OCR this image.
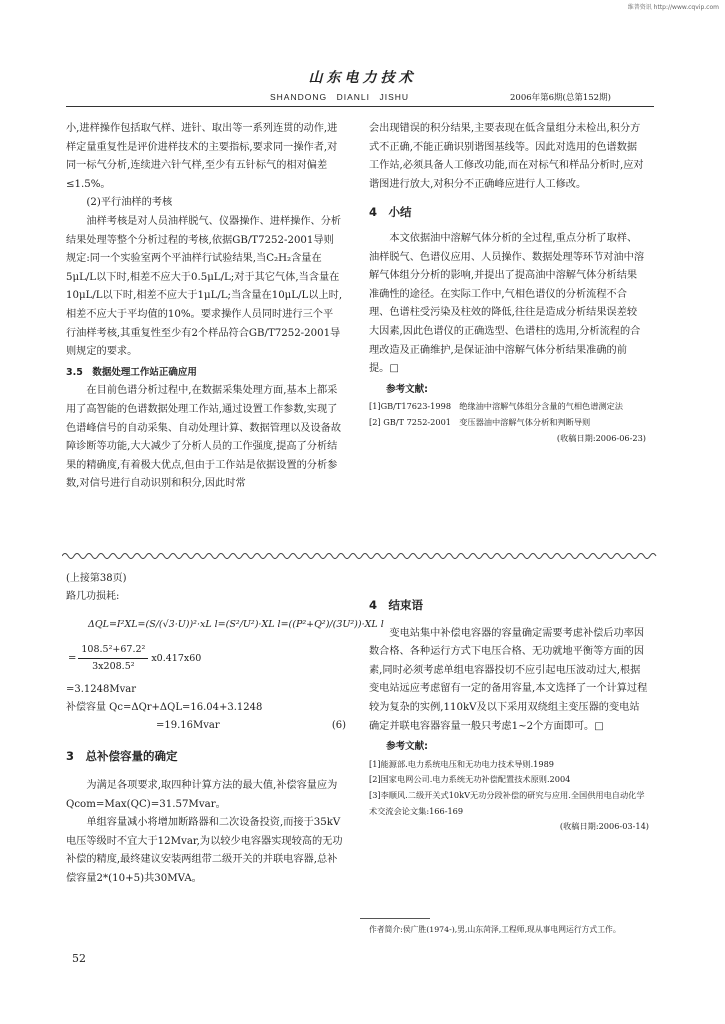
维普资讯 http://www.cqvip.com
山东电力技术
SHANDONG　DIANLI　JISHU	2006年第6期(总第152期)

小,进样操作包括取气样、进针、取出等一系列连贯的动作,进样定量重复性是评价进样技术的主要指标,要求同一操作者,对同一标气分析,连续进六针气样,至少有五针标气的相对偏差≤1.5%。

(2)平行油样的考核

油样考核是对人员油样脱气、仪器操作、进样操作、分析结果处理等整个分析过程的考核,依据GB/T7252-2001导则规定:同一个实验室两个平油样行试验结果,当C₂H₂含量在5μL/L以下时,相差不应大于0.5μL/L;对于其它气体,当含量在10μL/L以下时,相差不应大于1μL/L;当含量在10μL/L以上时,相差不应大于平均值的10%。要求操作人员同时进行三个平行油样考核,其重复性至少有2个样品符合GB/T7252-2001导则规定的要求。

3.5　数据处理工作站正确应用

在目前色谱分析过程中,在数据采集处理方面,基本上都采用了高智能的色谱数据处理工作站,通过设置工作参数,实现了色谱峰信号的自动采集、自动处理计算、数据管理以及设备故障诊断等功能,大大减少了分析人员的工作强度,提高了分析结果的精确度,有着极大优点,但由于工作站是依据设置的分析参数,对信号进行自动识别和积分,因此时常

会出现错误的积分结果,主要表现在低含量组分未检出,积分方式不正确,不能正确识别谐图基线等。因此对选用的色谱数据工作站,必须具备人工修改功能,而在对标气和样品分析时,应对谐图进行放大,对积分不正确峰应进行人工修改。

4　小结

本文依据油中溶解气体分析的全过程,重点分析了取样、油样脱气、色谱仪应用、人员操作、数据处理等环节对油中溶解气体组分分析的影响,并提出了提高油中溶解气体分析结果准确性的途径。在实际工作中,气相色谱仪的分析流程不合理、色谱柱受污染及柱效的降低,往往是造成分析结果误差较大因素,因此色谱仪的正确选型、色谱柱的选用,分析流程的合理改造及正确维护,是保证油中溶解气体分析结果准确的前提。□

参考文献:

[1]GB/T17623-1998　绝缘油中溶解气体组分含量的气相色谱测定法

[2] GB/T 7252-2001　变压器油中溶解气体分析和判断导则

(收稿日期:2006-06-23)

(上接第38页)

路几功损耗:

ΔQL=I²XL=(S/(√3·U))²·xL l=(S²/U²)·XL l=((P²+Q²)/(3U²))·XL l

= $\frac{\text{108.5²+67.2²}}{\text{3x208.5²}} x0.417x60$

=3.1248Mvar

补偿容量 Qc=ΔQr+ΔQL=16.04+3.1248

=19.16Mvar	(6)

3　总补偿容量的确定

为满足各项要求,取四种计算方法的最大值,补偿容量应为Qcom=Max(QC)=31.57Mvar。

单组容量减小将增加断路器和二次设备投资,而接于35kV电压等级时不宜大于12Mvar,为以较少电容器实现较高的无功补偿的精度,最终建议安装两组带二级开关的并联电容器,总补偿容量2*(10+5)共30MVA。

4　结束语

变电站集中补偿电容器的容量确定需要考虑补偿后功率因数合格、各种运行方式下电压合格、无功就地平衡等方面的因素,同时必须考虑单组电容器投切不应引起电压波动过大,根据变电站远应考虑留有一定的备用容量,本文选择了一个计算过程较为复杂的实例,110kV及以下采用双绕组主变压器的变电站确定并联电容器容量一般只考虑1~2个方面即可。□

参考文献:

[1]能源部.电力系统电压和无功电力技术导则.1989

[2]国家电网公司.电力系统无功补偿配置技术原则.2004

[3]李顺风.二级开关式10kV无功分段补偿的研究与应用.全国供用电自动化学术交流会论文集:166-169

(收稿日期:2006-03-14)

作者简介:侯广胜(1974-),男,山东菏泽,工程师,现从事电网运行方式工作。
52
